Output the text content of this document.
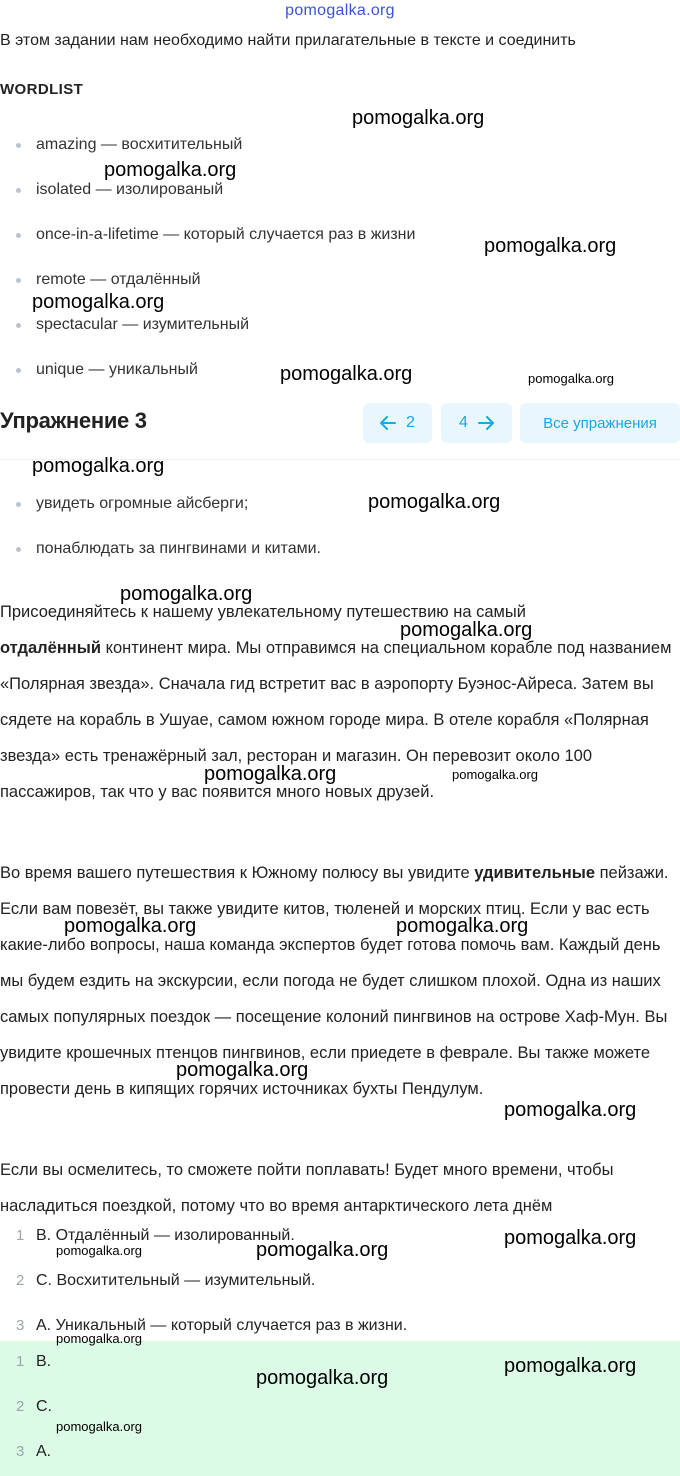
pomogalka.org
В этом задании нам необходимо найти прилагательные в тексте и соединить
WORDLIST
amazing — восхитительный
isolated — изолированый
once-in-a-lifetime — который случается раз в жизни
remote — отдалённый
spectacular — изумительный
unique — уникальный
Упражнение 3	2	4	Все упражнения
увидеть огромные айсберги;
понаблюдать за пингвинами и китами.

Присоединяйтесь к нашему увлекательному путешествию на самый
отдалённый континент мира. Мы отправимся на специальном корабле под названием «Полярная звезда». Сначала гид встретит вас в аэропорту Буэнос-Айреса. Затем вы сядете на корабль в Ушуае, самом южном городе мира. В отеле корабля «Полярная звезда» есть тренажёрный зал, ресторан и магазин. Он перевозит около 100 пассажиров, так что у вас появится много новых друзей.

Во время вашего путешествия к Южному полюсу вы увидите удивительные пейзажи. Если вам повезёт, вы также увидите китов, тюленей и морских птиц. Если у вас есть какие-либо вопросы, наша команда экспертов будет готова помочь вам. Каждый день мы будем ездить на экскурсии, если погода не будет слишком плохой. Одна из наших самых популярных поездок — посещение колоний пингвинов на острове Хаф-Мун. Вы увидите крошечных птенцов пингвинов, если приедете в феврале. Вы также можете провести день в кипящих горячих источниках бухты Пендулум.

Если вы осмелитесь, то сможете пойти поплавать! Будет много времени, чтобы насладиться поездкой, потому что во время антарктического лета днём

1 B. Отдалённый — изолированный.
2 C. Восхитительный — изумительный.
3 A. Уникальный — который случается раз в жизни.
1 B.
2 C.
3 A.
pomogalka.org
pomogalka.org
pomogalka.org
pomogalka.org
pomogalka.org	pomogalka.org
pomogalka.org
pomogalka.org
pomogalka.org
pomogalka.org
pomogalka.org	pomogalka.org
pomogalka.org	pomogalka.org
pomogalka.org
pomogalka.org
pomogalka.org
pomogalka.org	pomogalka.org
pomogalka.org
pomogalka.org
pomogalka.org
pomogalka.org
